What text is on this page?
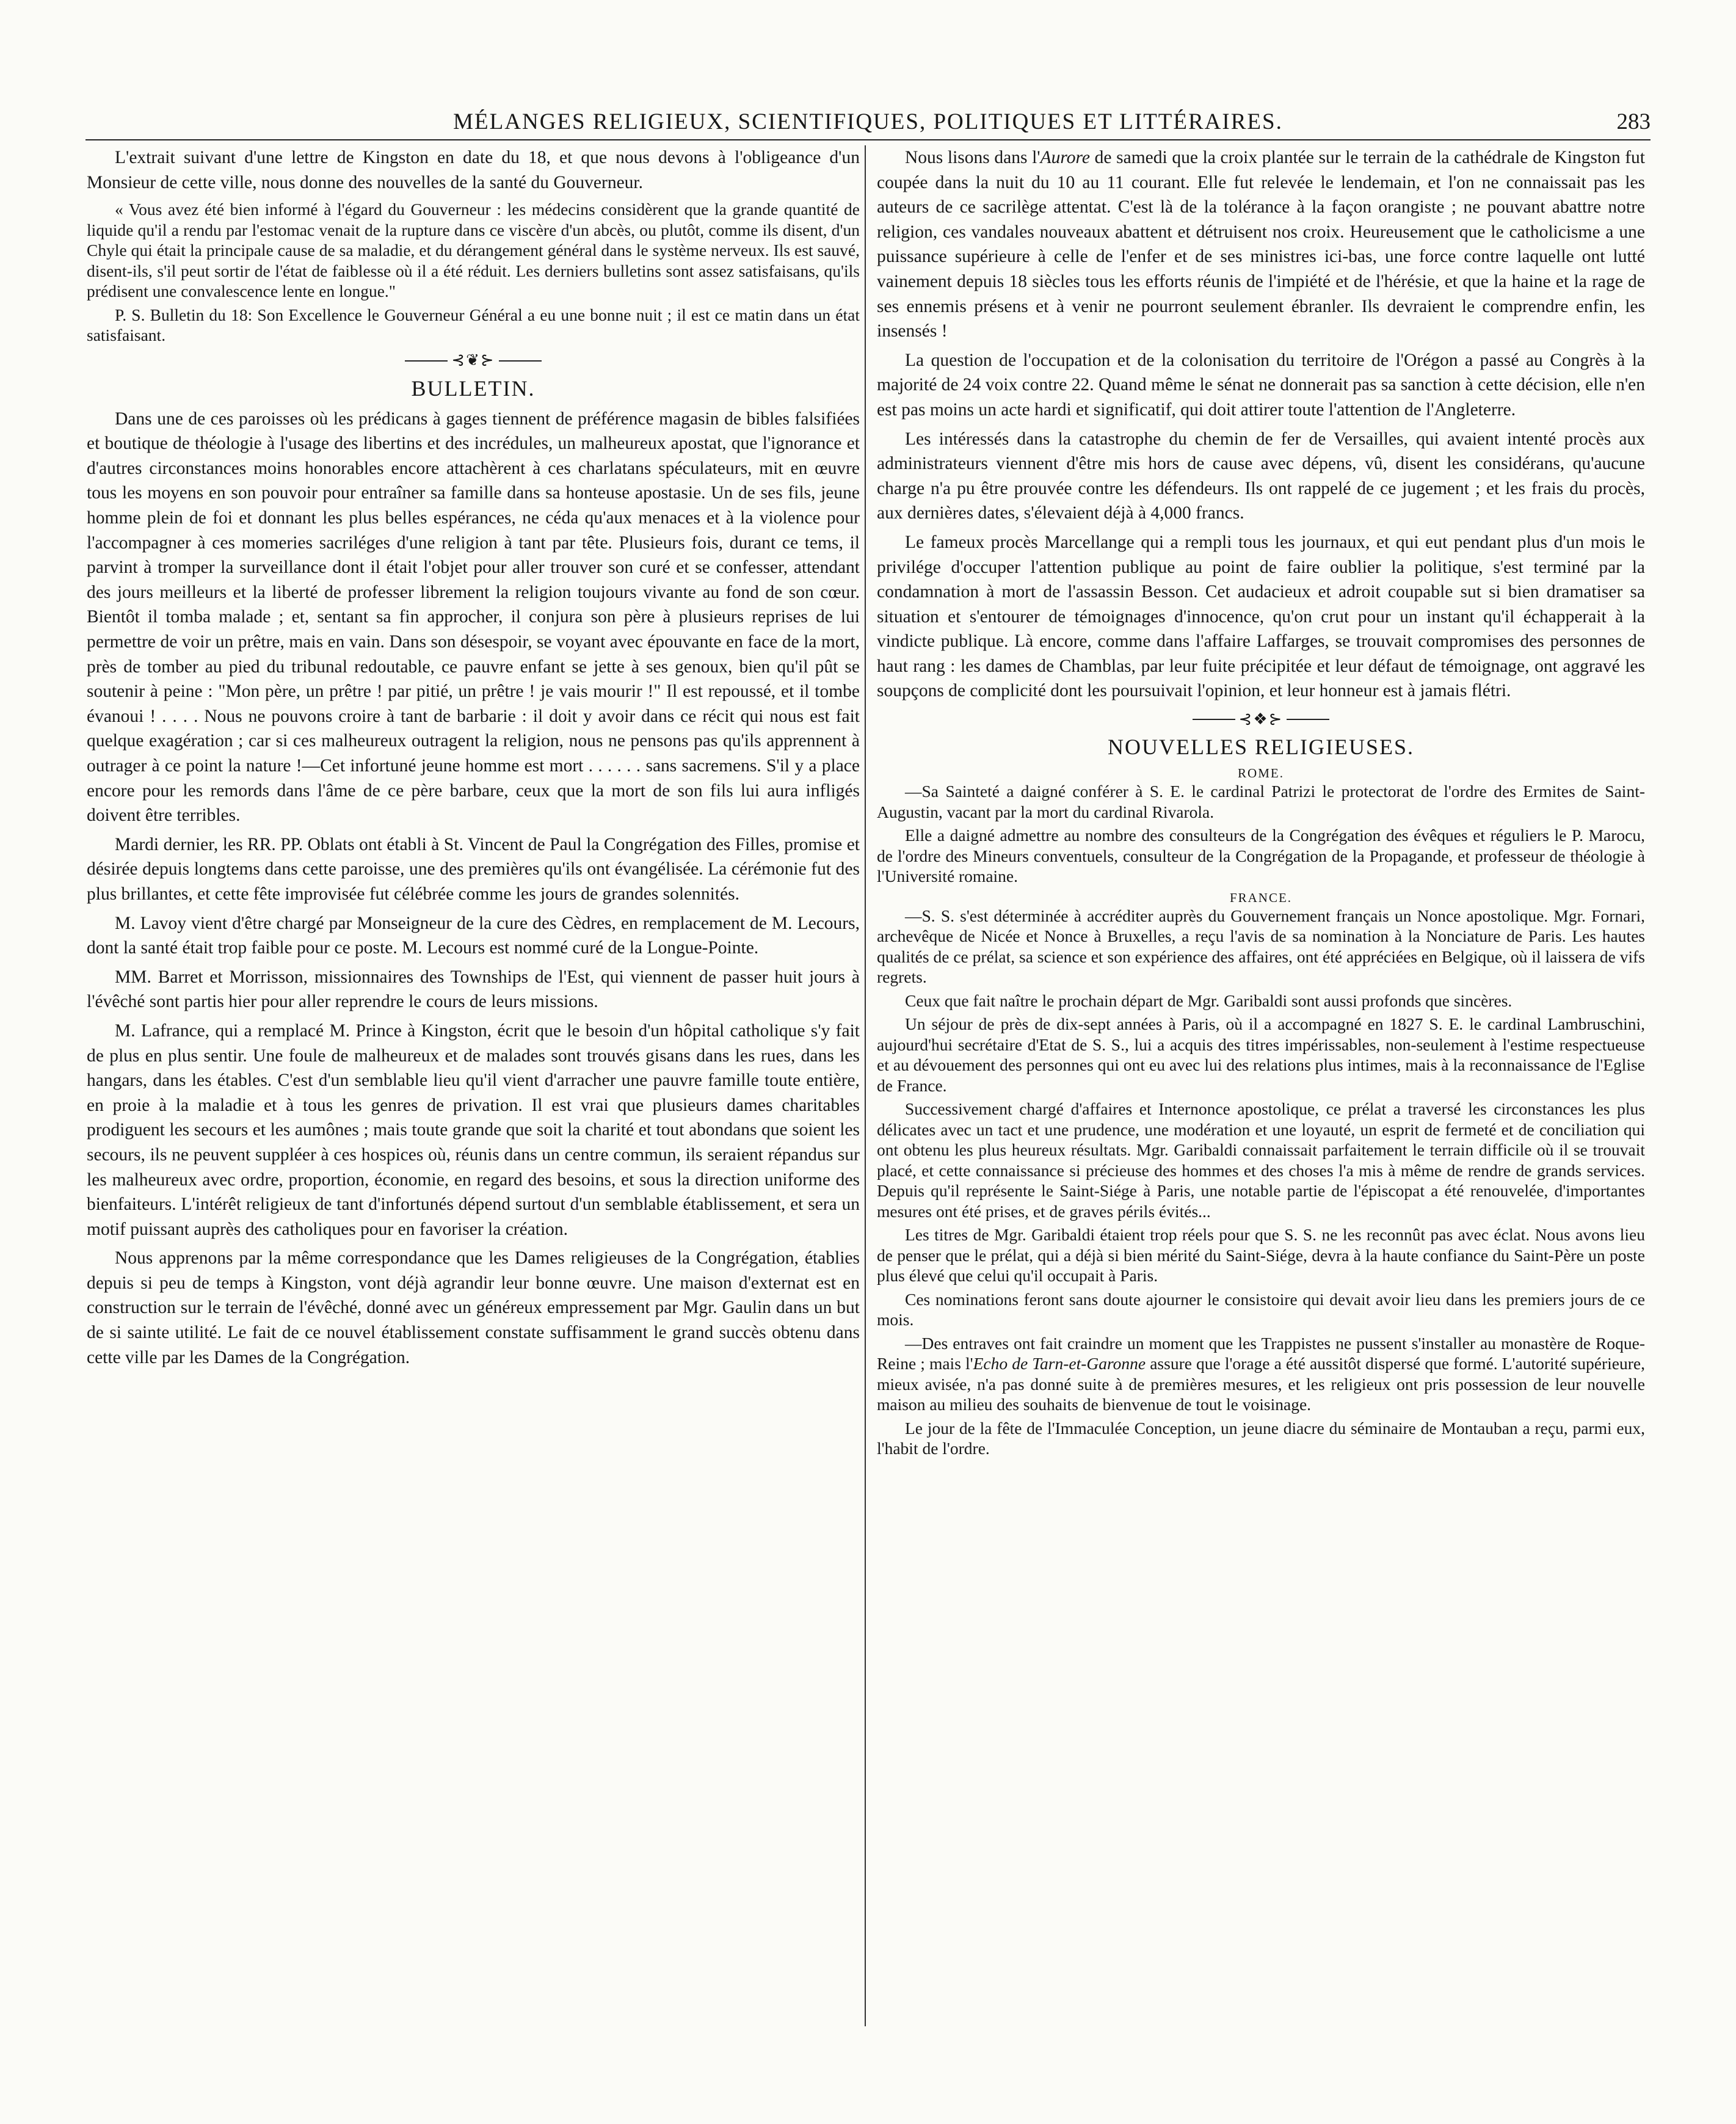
MÉLANGES RELIGIEUX, SCIENTIFIQUES, POLITIQUES ET LITTÉRAIRES.	283

L'extrait suivant d'une lettre de Kingston en date du 18, et que nous devons à l'obligeance d'un Monsieur de cette ville, nous donne des nouvelles de la santé du Gouverneur.

« Vous avez été bien informé à l'égard du Gouverneur : les médecins considèrent que la grande quantité de liquide qu'il a rendu par l'estomac venait de la rupture dans ce viscère d'un abcès, ou plutôt, comme ils disent, d'un Chyle qui était la principale cause de sa maladie, et du dérangement général dans le système nerveux. Ils est sauvé, disent-ils, s'il peut sortir de l'état de faiblesse où il a été réduit. Les derniers bulletins sont assez satisfaisans, qu'ils prédisent une convalescence lente en longue."

P. S. Bulletin du 18: Son Excellence le Gouverneur Général a eu une bonne nuit ; il est ce matin dans un état satisfaisant.

⊰❦⊱
BULLETIN.

Dans une de ces paroisses où les prédicans à gages tiennent de préférence magasin de bibles falsifiées et boutique de théologie à l'usage des libertins et des incrédules, un malheureux apostat, que l'ignorance et d'autres circonstances moins honorables encore attachèrent à ces charlatans spéculateurs, mit en œuvre tous les moyens en son pouvoir pour entraîner sa famille dans sa honteuse apostasie. Un de ses fils, jeune homme plein de foi et donnant les plus belles espérances, ne céda qu'aux menaces et à la violence pour l'accompagner à ces momeries sacriléges d'une religion à tant par tête. Plusieurs fois, durant ce tems, il parvint à tromper la surveillance dont il était l'objet pour aller trouver son curé et se confesser, attendant des jours meilleurs et la liberté de professer librement la religion toujours vivante au fond de son cœur. Bientôt il tomba malade ; et, sentant sa fin approcher, il conjura son père à plusieurs reprises de lui permettre de voir un prêtre, mais en vain. Dans son désespoir, se voyant avec épouvante en face de la mort, près de tomber au pied du tribunal redoutable, ce pauvre enfant se jette à ses genoux, bien qu'il pût se soutenir à peine : "Mon père, un prêtre ! par pitié, un prêtre ! je vais mourir !" Il est repoussé, et il tombe évanoui ! . . . . Nous ne pouvons croire à tant de barbarie : il doit y avoir dans ce récit qui nous est fait quelque exagération ; car si ces malheureux outragent la religion, nous ne pensons pas qu'ils apprennent à outrager à ce point la nature !—Cet infortuné jeune homme est mort . . . . . . sans sacremens. S'il y a place encore pour les remords dans l'âme de ce père barbare, ceux que la mort de son fils lui aura infligés doivent être terribles.

Mardi dernier, les RR. PP. Oblats ont établi à St. Vincent de Paul la Congrégation des Filles, promise et désirée depuis longtems dans cette paroisse, une des premières qu'ils ont évangélisée. La cérémonie fut des plus brillantes, et cette fête improvisée fut célébrée comme les jours de grandes solennités.

M. Lavoy vient d'être chargé par Monseigneur de la cure des Cèdres, en remplacement de M. Lecours, dont la santé était trop faible pour ce poste. M. Lecours est nommé curé de la Longue-Pointe.

MM. Barret et Morrisson, missionnaires des Townships de l'Est, qui viennent de passer huit jours à l'évêché sont partis hier pour aller reprendre le cours de leurs missions.

M. Lafrance, qui a remplacé M. Prince à Kingston, écrit que le besoin d'un hôpital catholique s'y fait de plus en plus sentir. Une foule de malheureux et de malades sont trouvés gisans dans les rues, dans les hangars, dans les étables. C'est d'un semblable lieu qu'il vient d'arracher une pauvre famille toute entière, en proie à la maladie et à tous les genres de privation. Il est vrai que plusieurs dames charitables prodiguent les secours et les aumônes ; mais toute grande que soit la charité et tout abondans que soient les secours, ils ne peuvent suppléer à ces hospices où, réunis dans un centre commun, ils seraient répandus sur les malheureux avec ordre, proportion, économie, en regard des besoins, et sous la direction uniforme des bienfaiteurs. L'intérêt religieux de tant d'infortunés dépend surtout d'un semblable établissement, et sera un motif puissant auprès des catholiques pour en favoriser la création.

Nous apprenons par la même correspondance que les Dames religieuses de la Congrégation, établies depuis si peu de temps à Kingston, vont déjà agrandir leur bonne œuvre. Une maison d'externat est en construction sur le terrain de l'évêché, donné avec un généreux empressement par Mgr. Gaulin dans un but de si sainte utilité. Le fait de ce nouvel établissement constate suffisamment le grand succès obtenu dans cette ville par les Dames de la Congrégation.

Nous lisons dans l'Aurore de samedi que la croix plantée sur le terrain de la cathédrale de Kingston fut coupée dans la nuit du 10 au 11 courant. Elle fut relevée le lendemain, et l'on ne connaissait pas les auteurs de ce sacrilège attentat. C'est là de la tolérance à la façon orangiste ; ne pouvant abattre notre religion, ces vandales nouveaux abattent et détruisent nos croix. Heureusement que le catholicisme a une puissance supérieure à celle de l'enfer et de ses ministres ici-bas, une force contre laquelle ont lutté vainement depuis 18 siècles tous les efforts réunis de l'impiété et de l'hérésie, et que la haine et la rage de ses ennemis présens et à venir ne pourront seulement ébranler. Ils devraient le comprendre enfin, les insensés !

La question de l'occupation et de la colonisation du territoire de l'Orégon a passé au Congrès à la majorité de 24 voix contre 22. Quand même le sénat ne donnerait pas sa sanction à cette décision, elle n'en est pas moins un acte hardi et significatif, qui doit attirer toute l'attention de l'Angleterre.

Les intéressés dans la catastrophe du chemin de fer de Versailles, qui avaient intenté procès aux administrateurs viennent d'être mis hors de cause avec dépens, vû, disent les considérans, qu'aucune charge n'a pu être prouvée contre les défendeurs. Ils ont rappelé de ce jugement ; et les frais du procès, aux dernières dates, s'élevaient déjà à 4,000 francs.

Le fameux procès Marcellange qui a rempli tous les journaux, et qui eut pendant plus d'un mois le privilége d'occuper l'attention publique au point de faire oublier la politique, s'est terminé par la condamnation à mort de l'assassin Besson. Cet audacieux et adroit coupable sut si bien dramatiser sa situation et s'entourer de témoignages d'innocence, qu'on crut pour un instant qu'il échapperait à la vindicte publique. Là encore, comme dans l'affaire Laffarges, se trouvait compromises des personnes de haut rang : les dames de Chamblas, par leur fuite précipitée et leur défaut de témoignage, ont aggravé les soupçons de complicité dont les poursuivait l'opinion, et leur honneur est à jamais flétri.

⊰❖⊱
NOUVELLES RELIGIEUSES.
ROME.

—Sa Sainteté a daigné conférer à S. E. le cardinal Patrizi le protectorat de l'ordre des Ermites de Saint-Augustin, vacant par la mort du cardinal Rivarola.

Elle a daigné admettre au nombre des consulteurs de la Congrégation des évêques et réguliers le P. Marocu, de l'ordre des Mineurs conventuels, consulteur de la Congrégation de la Propagande, et professeur de théologie à l'Université romaine.

FRANCE.

—S. S. s'est déterminée à accréditer auprès du Gouvernement français un Nonce apostolique. Mgr. Fornari, archevêque de Nicée et Nonce à Bruxelles, a reçu l'avis de sa nomination à la Nonciature de Paris. Les hautes qualités de ce prélat, sa science et son expérience des affaires, ont été appréciées en Belgique, où il laissera de vifs regrets.

Ceux que fait naître le prochain départ de Mgr. Garibaldi sont aussi profonds que sincères.

Un séjour de près de dix-sept années à Paris, où il a accompagné en 1827 S. E. le cardinal Lambruschini, aujourd'hui secrétaire d'Etat de S. S., lui a acquis des titres impérissables, non-seulement à l'estime respectueuse et au dévouement des personnes qui ont eu avec lui des relations plus intimes, mais à la reconnaissance de l'Eglise de France.

Successivement chargé d'affaires et Internonce apostolique, ce prélat a traversé les circonstances les plus délicates avec un tact et une prudence, une modération et une loyauté, un esprit de fermeté et de conciliation qui ont obtenu les plus heureux résultats. Mgr. Garibaldi connaissait parfaitement le terrain difficile où il se trouvait placé, et cette connaissance si précieuse des hommes et des choses l'a mis à même de rendre de grands services. Depuis qu'il représente le Saint-Siége à Paris, une notable partie de l'épiscopat a été renouvelée, d'importantes mesures ont été prises, et de graves périls évités...

Les titres de Mgr. Garibaldi étaient trop réels pour que S. S. ne les reconnût pas avec éclat. Nous avons lieu de penser que le prélat, qui a déjà si bien mérité du Saint-Siége, devra à la haute confiance du Saint-Père un poste plus élevé que celui qu'il occupait à Paris.

Ces nominations feront sans doute ajourner le consistoire qui devait avoir lieu dans les premiers jours de ce mois.

—Des entraves ont fait craindre un moment que les Trappistes ne pussent s'installer au monastère de Roque-Reine ; mais l'Echo de Tarn-et-Garonne assure que l'orage a été aussitôt dispersé que formé. L'autorité supérieure, mieux avisée, n'a pas donné suite à de premières mesures, et les religieux ont pris possession de leur nouvelle maison au milieu des souhaits de bienvenue de tout le voisinage.

Le jour de la fête de l'Immaculée Conception, un jeune diacre du séminaire de Montauban a reçu, parmi eux, l'habit de l'ordre.
